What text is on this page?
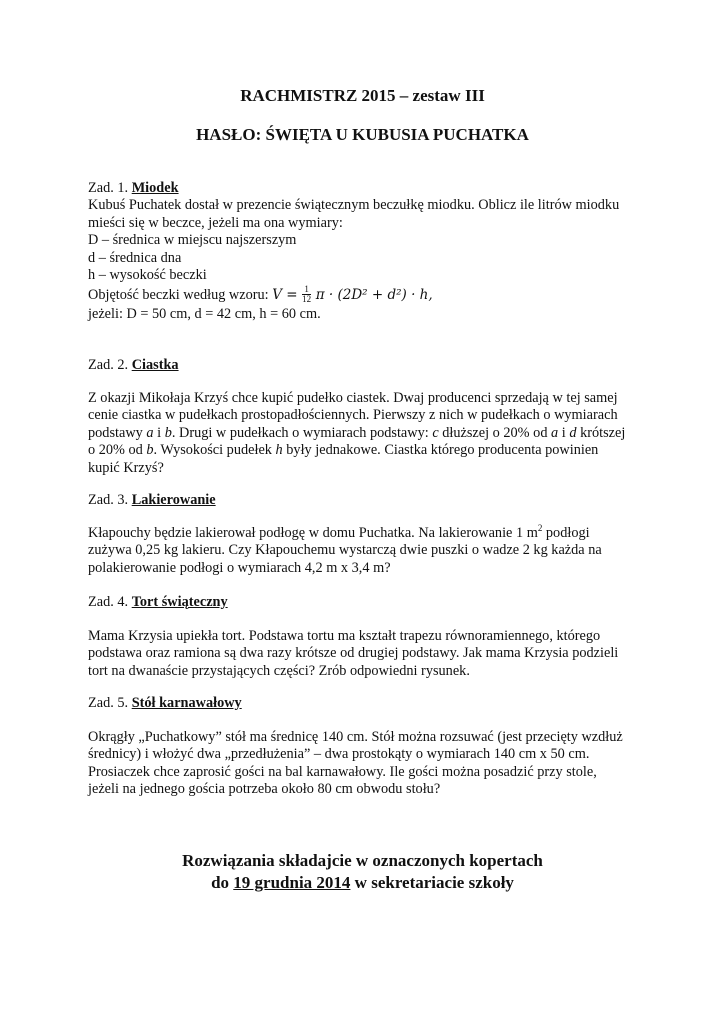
RACHMISTRZ 2015 – zestaw III
HASŁO: ŚWIĘTA U KUBUSIA PUCHATKA
Zad. 1. Miodek
Kubuś Puchatek dostał w prezencie świątecznym beczułkę miodku. Oblicz ile litrów miodku
mieści się w beczce, jeżeli ma ona wymiary:
D – średnica w miejscu najszerszym
d – średnica dna
h – wysokość beczki
Objętość beczki według wzoru: $V = \frac{1}{12}$ π · (2D² + d²) · h,
jeżeli: D = 50 cm, d = 42 cm, h = 60 cm.
Zad. 2. Ciastka
Z okazji Mikołaja Krzyś chce kupić pudełko ciastek. Dwaj producenci sprzedają w tej samej
cenie ciastka w pudełkach prostopadłościennych. Pierwszy z nich w pudełkach o wymiarach
podstawy a i b. Drugi w pudełkach o wymiarach podstawy: c dłuższej o 20% od a i d krótszej
o 20% od b. Wysokości pudełek h były jednakowe. Ciastka którego producenta powinien
kupić Krzyś?
Zad. 3. Lakierowanie
Kłapouchy będzie lakierował podłogę w domu Puchatka. Na lakierowanie 1 $m^2$ podłogi
zużywa 0,25 kg lakieru. Czy Kłapouchemu wystarczą dwie puszki o wadze 2 kg każda na
polakierowanie podłogi o wymiarach 4,2 m x 3,4 m?
Zad. 4. Tort świąteczny
Mama Krzysia upiekła tort. Podstawa tortu ma kształt trapezu równoramiennego, którego
podstawa oraz ramiona są dwa razy krótsze od drugiej podstawy. Jak mama Krzysia podzieli
tort na dwanaście przystających części? Zrób odpowiedni rysunek.
Zad. 5. Stół karnawałowy
Okrągły „Puchatkowy” stół ma średnicę 140 cm. Stół można rozsuwać (jest przecięty wzdłuż
średnicy) i włożyć dwa „przedłużenia” – dwa prostokąty o wymiarach 140 cm x 50 cm.
Prosiaczek chce zaprosić gości na bal karnawałowy. Ile gości można posadzić przy stole,
jeżeli na jednego gościa potrzeba około 80 cm obwodu stołu?
Rozwiązania składajcie w oznaczonych kopertach
do 19 grudnia 2014 w sekretariacie szkoły
